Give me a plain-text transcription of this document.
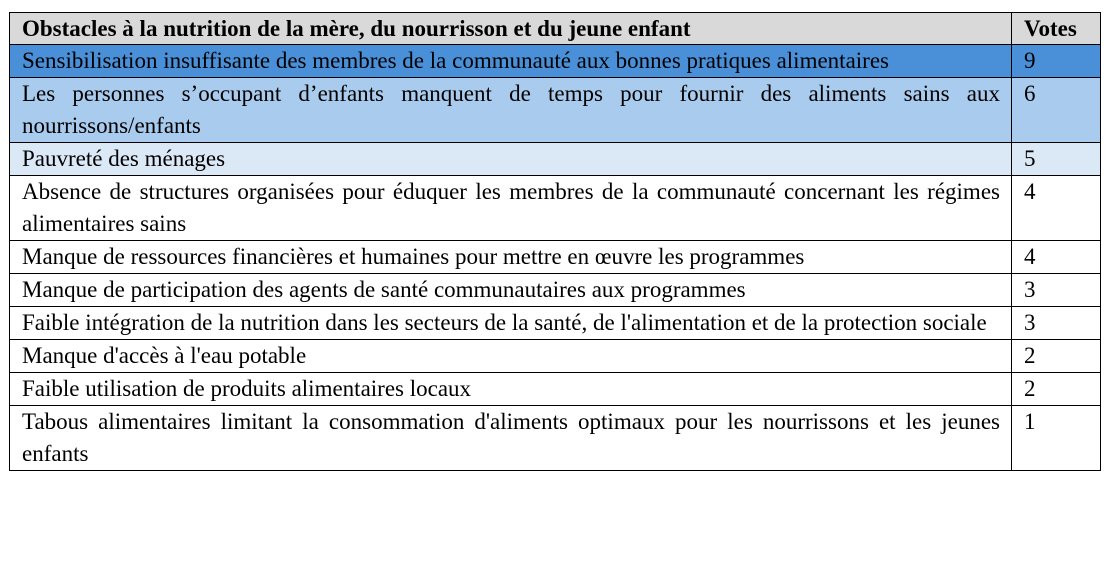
Obstacles à la nutrition de la mère, du nourrisson et du jeune enfant	Votes
Sensibilisation insuffisante des membres de la communauté aux bonnes pratiques alimentaires	9
Les personnes s’occupant d’enfants manquent de temps pour fournir des aliments sains aux nourrissons/enfants	6
Pauvreté des ménages	5
Absence de structures organisées pour éduquer les membres de la communauté concernant les régimes alimentaires sains	4
Manque de ressources financières et humaines pour mettre en œuvre les programmes	4
Manque de participation des agents de santé communautaires aux programmes	3
Faible intégration de la nutrition dans les secteurs de la santé, de l'alimentation et de la protection sociale	3
Manque d'accès à l'eau potable	2
Faible utilisation de produits alimentaires locaux	2
Tabous alimentaires limitant la consommation d'aliments optimaux pour les nourrissons et les jeunes enfants	1
